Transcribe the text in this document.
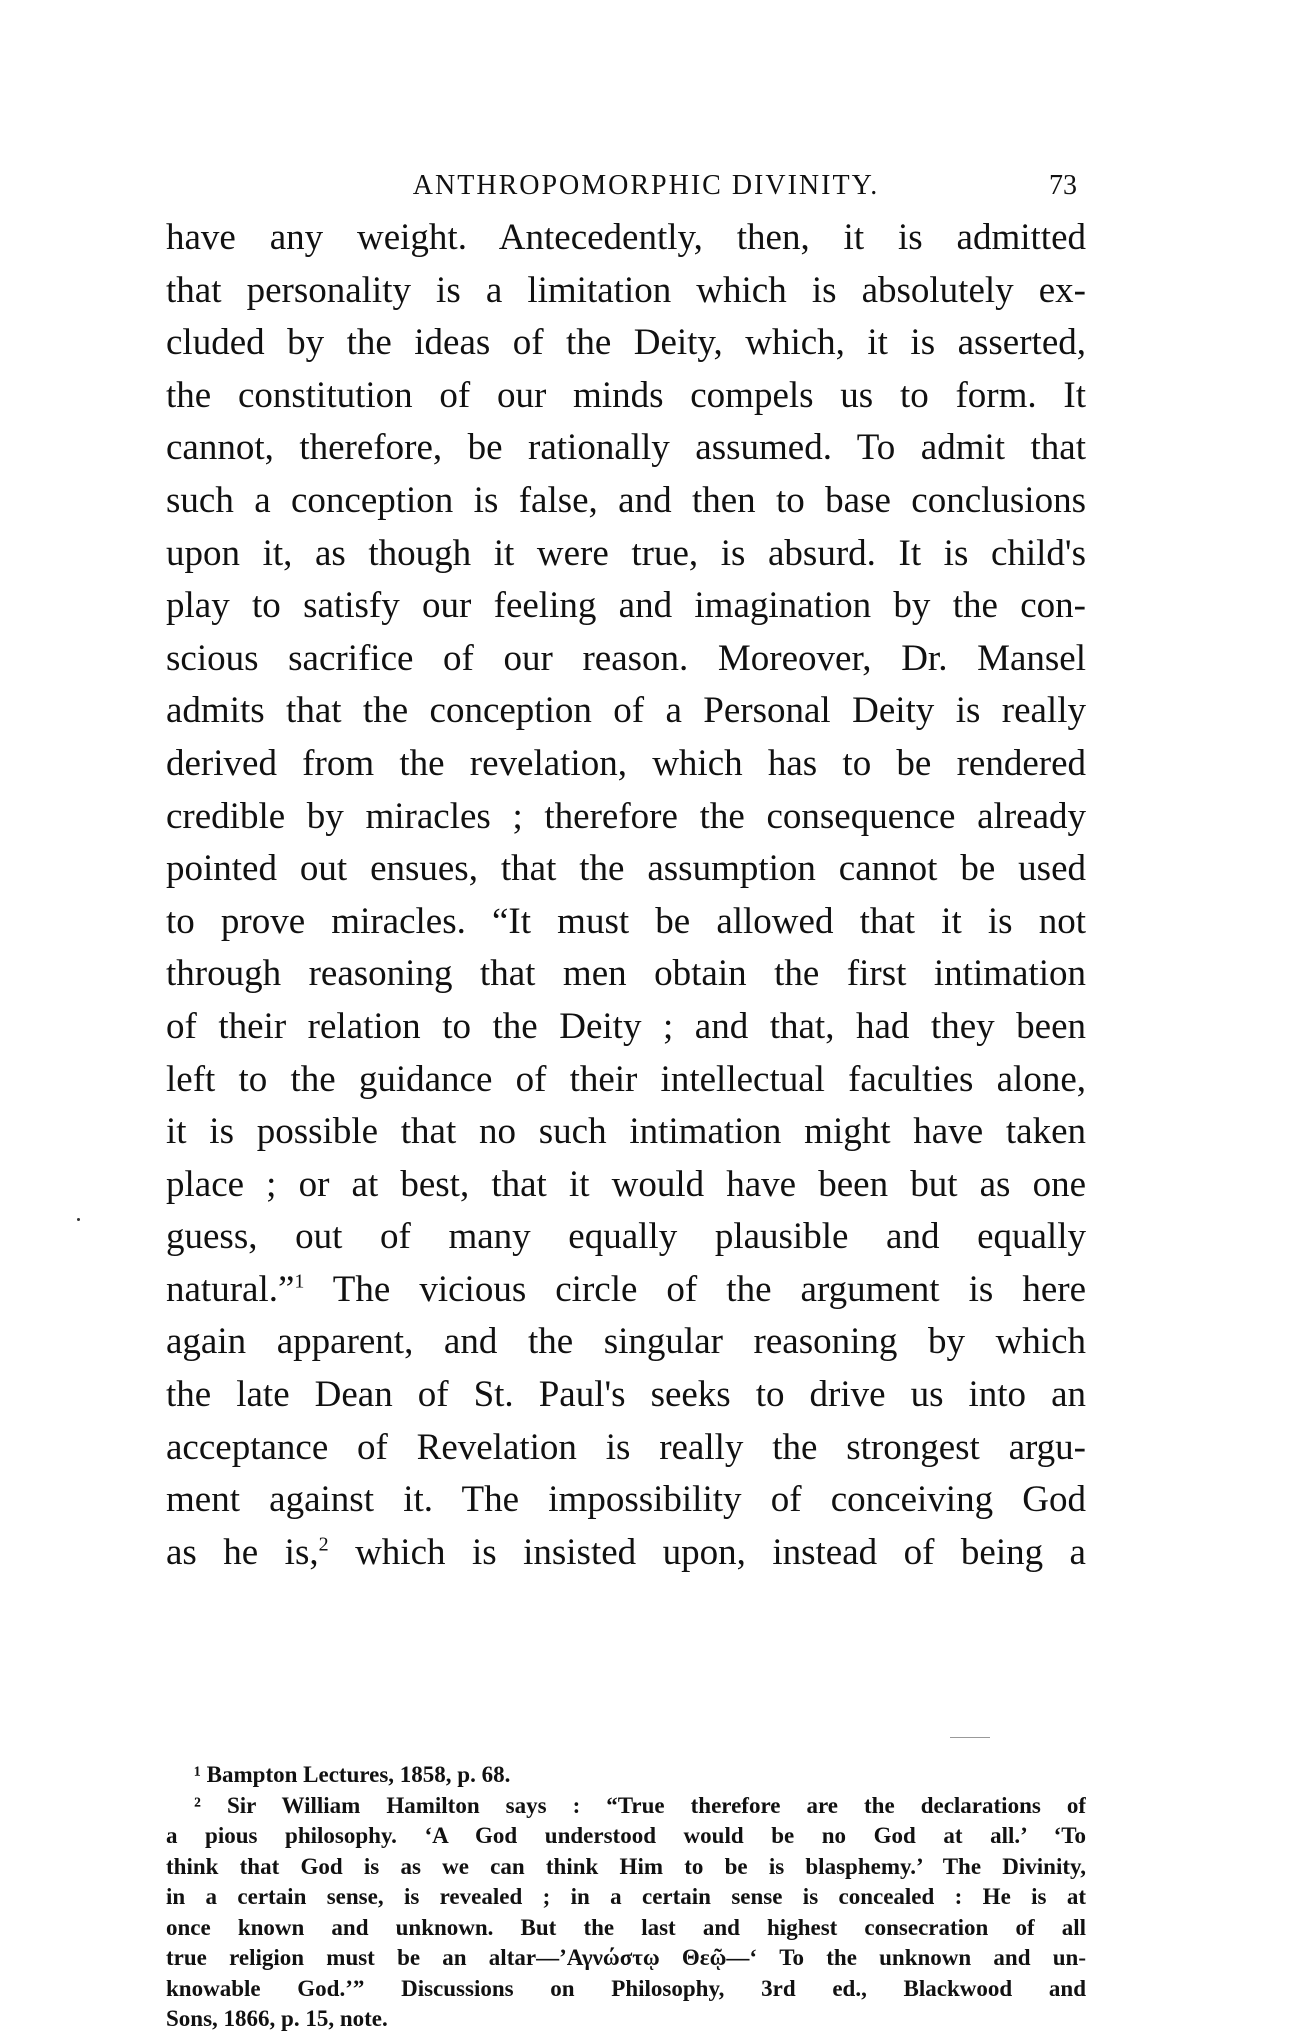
ANTHROPOMORPHIC DIVINITY.	73
have any weight. Antecedently, then, it is admitted
that personality is a limitation which is absolutely ex-
cluded by the ideas of the Deity, which, it is asserted,
the constitution of our minds compels us to form. It
cannot, therefore, be rationally assumed. To admit that
such a conception is false, and then to base conclusions
upon it, as though it were true, is absurd. It is child's
play to satisfy our feeling and imagination by the con-
scious sacrifice of our reason. Moreover, Dr. Mansel
admits that the conception of a Personal Deity is really
derived from the revelation, which has to be rendered
credible by miracles ; therefore the consequence already
pointed out ensues, that the assumption cannot be used
to prove miracles. “It must be allowed that it is not
through reasoning that men obtain the first intimation
of their relation to the Deity ; and that, had they been
left to the guidance of their intellectual faculties alone,
it is possible that no such intimation might have taken
place ; or at best, that it would have been but as one
guess, out of many equally plausible and equally
natural.”$^1$ The vicious circle of the argument is here
again apparent, and the singular reasoning by which
the late Dean of St. Paul's seeks to drive us into an
acceptance of Revelation is really the strongest argu-
ment against it. The impossibility of conceiving God
as he is,$^2$ which is insisted upon, instead of being a
¹ Bampton Lectures, 1858, p. 68.
² Sir William Hamilton says : “True therefore are the declarations of
a pious philosophy. ‘A God understood would be no God at all.’ ‘To
think that God is as we can think Him to be is blasphemy.’ The Divinity,
in a certain sense, is revealed ; in a certain sense is concealed : He is at
once known and unknown. But the last and highest consecration of all
true religion must be an altar—’Αγνώστῳ Θεῷ—‘ To the unknown and un-
knowable God.’” Discussions on Philosophy, 3rd ed., Blackwood and
Sons, 1866, p. 15, note.
